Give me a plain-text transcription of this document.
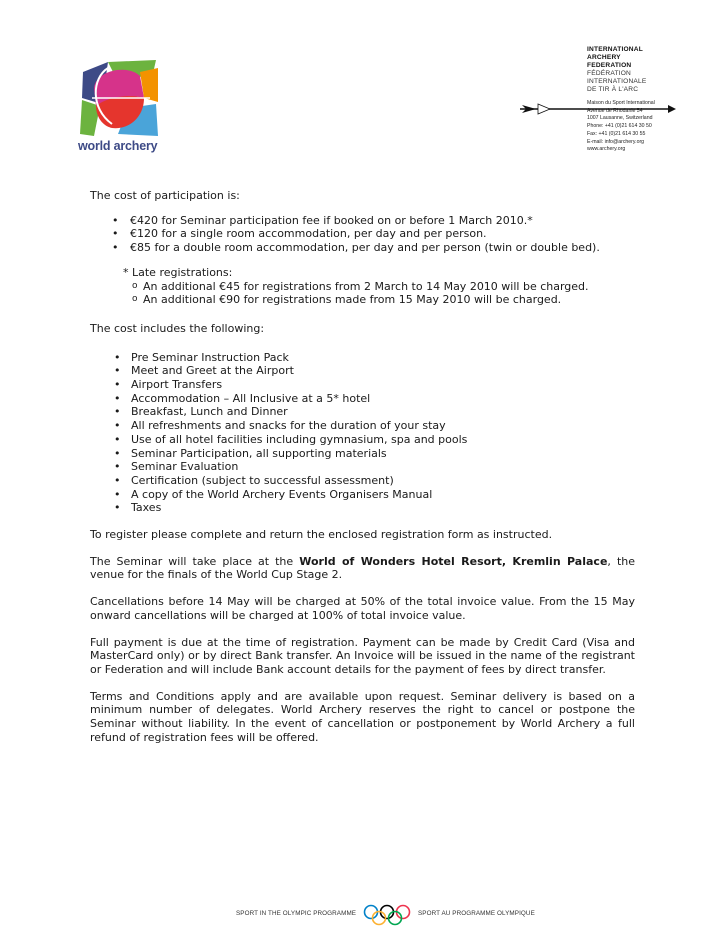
world archery
INTERNATIONAL
ARCHERY
FEDERATION
FÉDÉRATION
INTERNATIONALE
DE TIR À L'ARC
Maison du Sport International
Avenue de Rhodanie 54
1007 Lausanne, Switzerland
Phone: +41 (0)21 614 30 50
Fax: +41 (0)21 614 30 55
E-mail: info@archery.org
www.archery.org

The cost of participation is:

• €420 for Seminar participation fee if booked on or before 1 March 2010.*
• €120 for a single room accommodation, per day and per person.
• €85 for a double room accommodation, per day and per person (twin or double bed).
* Late registrations:
o An additional €45 for registrations from 2 March to 14 May 2010 will be charged.
o An additional €90 for registrations made from 15 May 2010 will be charged.

The cost includes the following:

• Pre Seminar Instruction Pack
• Meet and Greet at the Airport
• Airport Transfers
• Accommodation – All Inclusive at a 5* hotel
• Breakfast, Lunch and Dinner
• All refreshments and snacks for the duration of your stay
• Use of all hotel facilities including gymnasium, spa and pools
• Seminar Participation, all supporting materials
• Seminar Evaluation
• Certification (subject to successful assessment)
• A copy of the World Archery Events Organisers Manual
• Taxes

To register please complete and return the enclosed registration form as instructed.

The Seminar will take place at the World of Wonders Hotel Resort, Kremlin Palace, the venue for the finals of the World Cup Stage 2.

Cancellations before 14 May will be charged at 50% of the total invoice value. From the 15 May onward cancellations will be charged at 100% of total invoice value.

Full payment is due at the time of registration. Payment can be made by Credit Card (Visa and MasterCard only) or by direct Bank transfer. An Invoice will be issued in the name of the registrant or Federation and will include Bank account details for the payment of fees by direct transfer.

Terms and Conditions apply and are available upon request. Seminar delivery is based on a minimum number of delegates. World Archery reserves the right to cancel or postpone the Seminar without liability. In the event of cancellation or postponement by World Archery a full refund of registration fees will be offered.

SPORT IN THE OLYMPIC PROGRAMME	SPORT AU PROGRAMME OLYMPIQUE
